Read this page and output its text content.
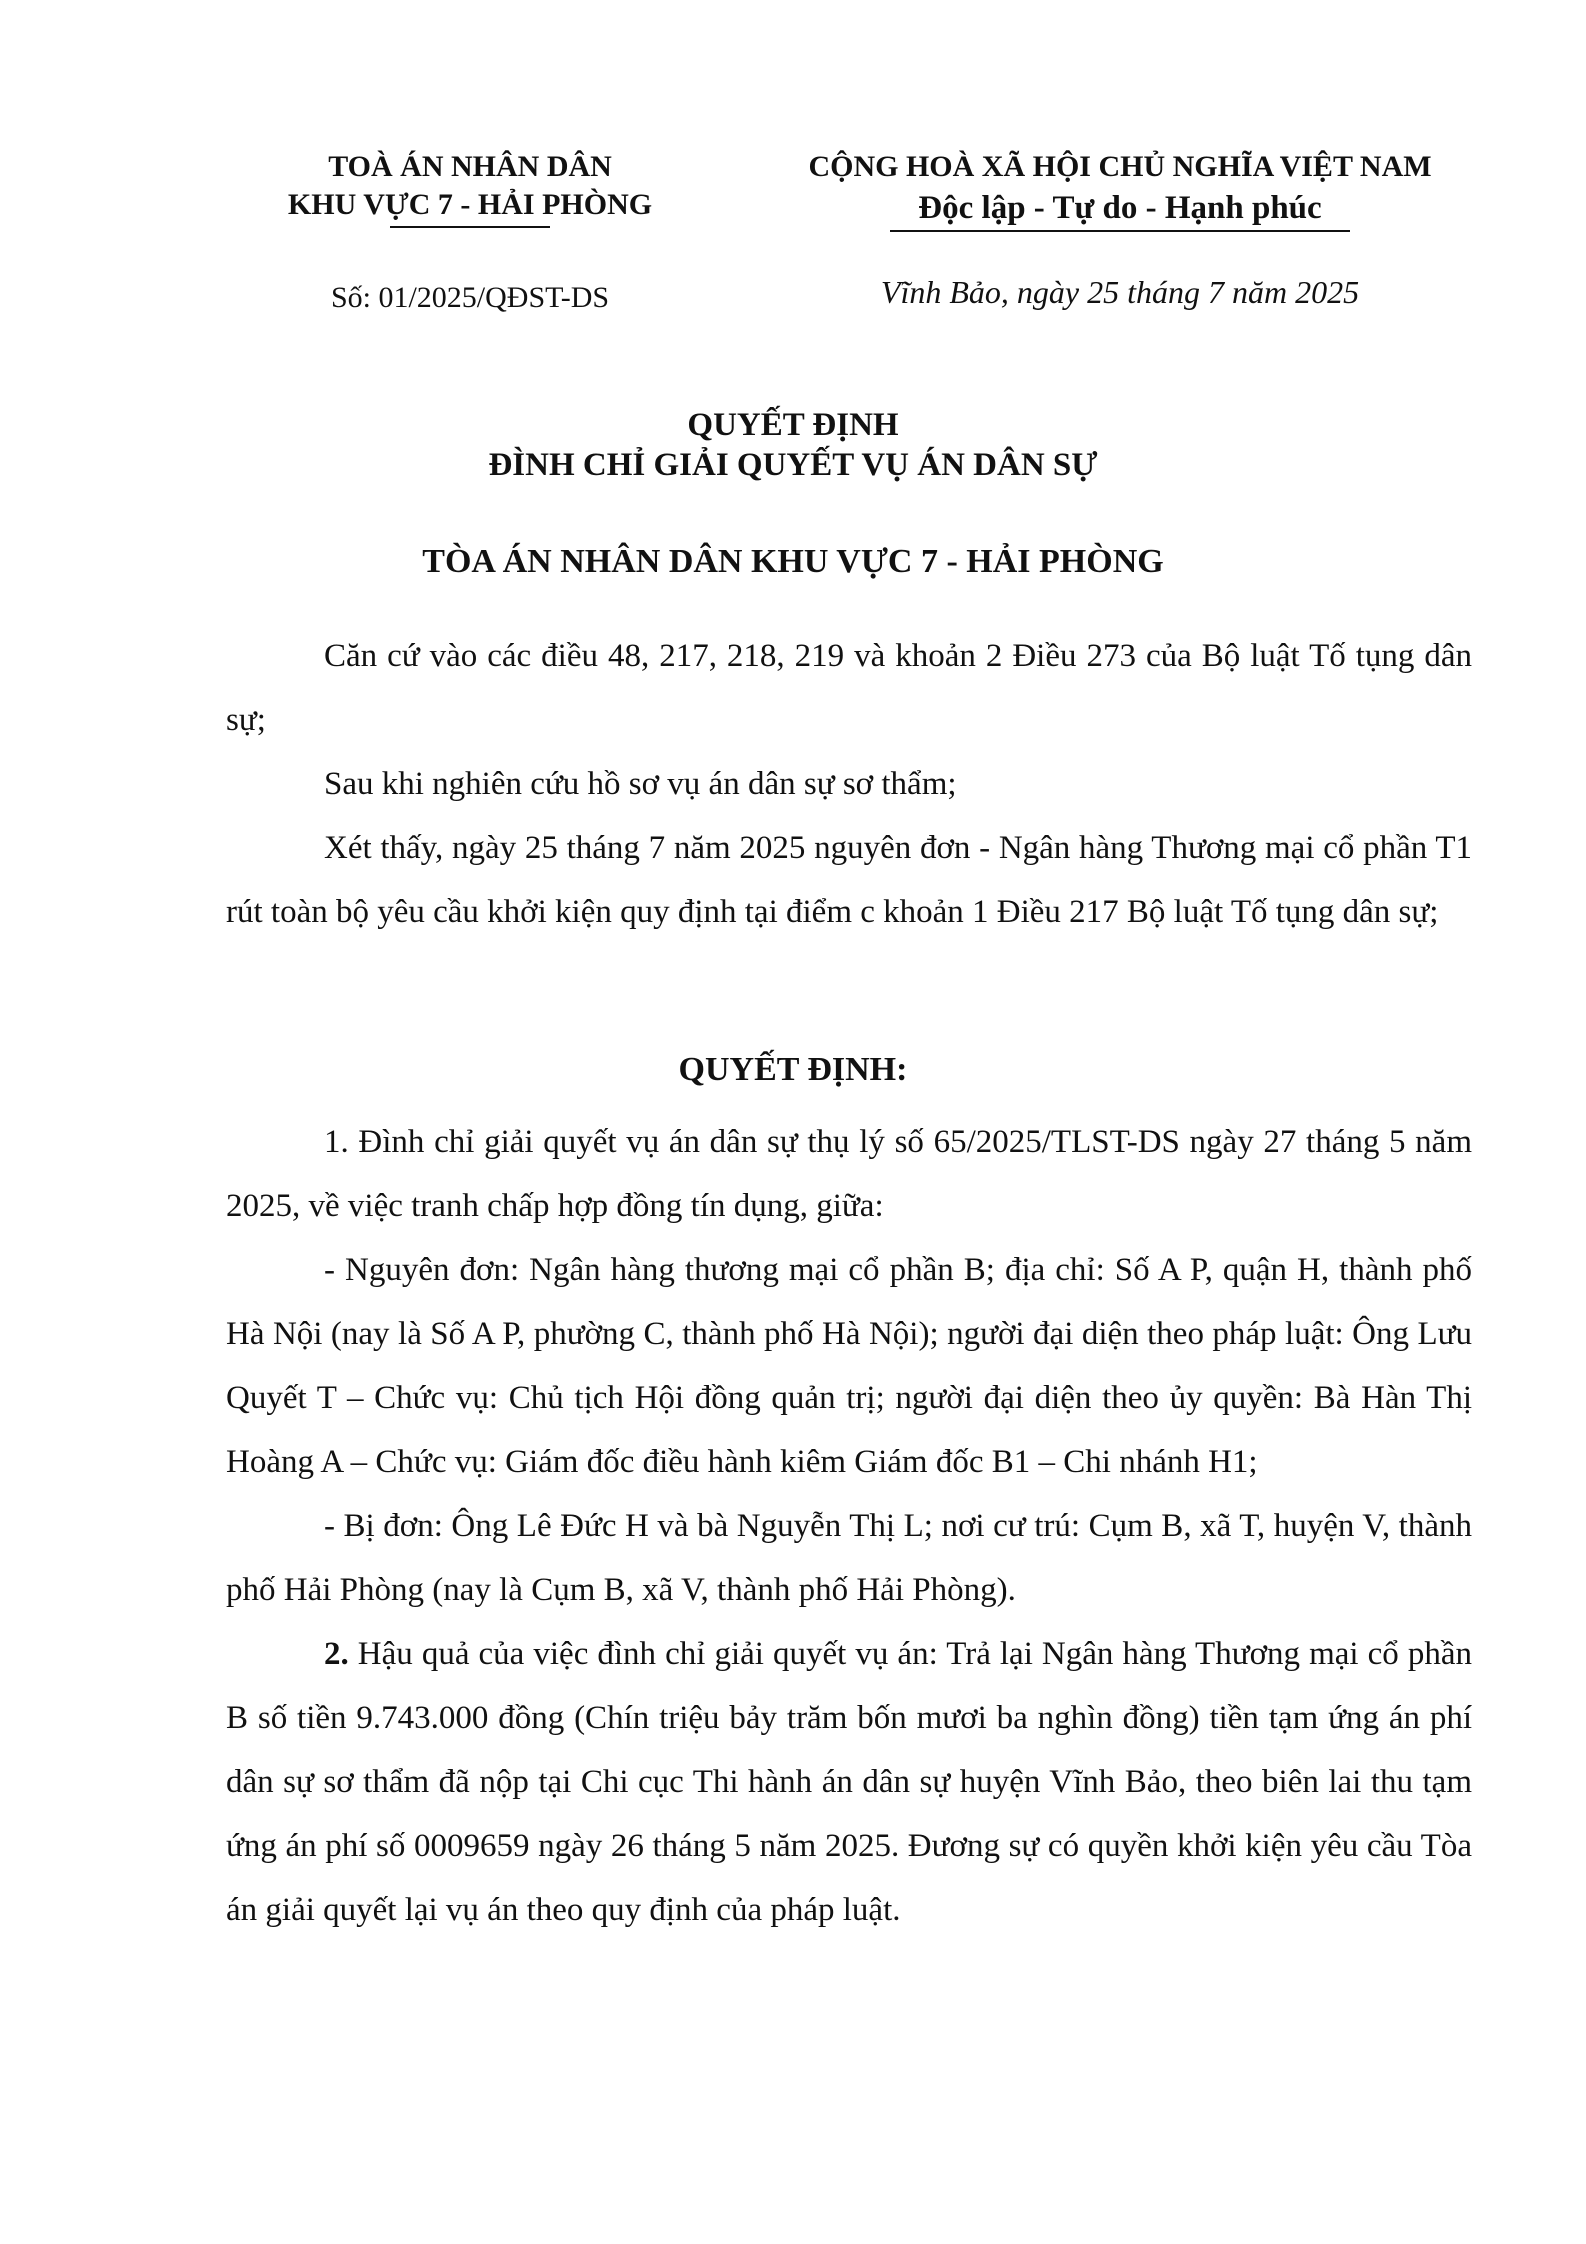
TOÀ ÁN NHÂN DÂN
KHU VỰC 7 - HẢI PHÒNG
CỘNG HOÀ XÃ HỘI CHỦ NGHĨA VIỆT NAM
Độc lập - Tự do - Hạnh phúc
Số: 01/2025/QĐST-DS	Vĩnh Bảo, ngày 25 tháng 7 năm 2025
QUYẾT ĐỊNH
ĐÌNH CHỈ GIẢI QUYẾT VỤ ÁN DÂN SỰ
TÒA ÁN NHÂN DÂN KHU VỰC 7 - HẢI PHÒNG

Căn cứ vào các điều 48, 217, 218, 219 và khoản 2 Điều 273 của Bộ luật Tố tụng dân sự;

Sau khi nghiên cứu hồ sơ vụ án dân sự sơ thẩm;

Xét thấy, ngày 25 tháng 7 năm 2025 nguyên đơn - Ngân hàng Thương mại cổ phần T1 rút toàn bộ yêu cầu khởi kiện quy định tại điểm c khoản 1 Điều 217 Bộ luật Tố tụng dân sự;

QUYẾT ĐỊNH:

1. Đình chỉ giải quyết vụ án dân sự thụ lý số 65/2025/TLST-DS ngày 27 tháng 5 năm 2025, về việc tranh chấp hợp đồng tín dụng, giữa:

- Nguyên đơn: Ngân hàng thương mại cổ phần B; địa chỉ: Số A P, quận H, thành phố Hà Nội (nay là Số A P, phường C, thành phố Hà Nội); người đại diện theo pháp luật: Ông Lưu Quyết T – Chức vụ: Chủ tịch Hội đồng quản trị; người đại diện theo ủy quyền: Bà Hàn Thị Hoàng A – Chức vụ: Giám đốc điều hành kiêm Giám đốc B1 – Chi nhánh H1;

- Bị đơn: Ông Lê Đức H và bà Nguyễn Thị L; nơi cư trú: Cụm B, xã T, huyện V, thành phố Hải Phòng (nay là Cụm B, xã V, thành phố Hải Phòng).

2. Hậu quả của việc đình chỉ giải quyết vụ án: Trả lại Ngân hàng Thương mại cổ phần B số tiền 9.743.000 đồng (Chín triệu bảy trăm bốn mươi ba nghìn đồng) tiền tạm ứng án phí dân sự sơ thẩm đã nộp tại Chi cục Thi hành án dân sự huyện Vĩnh Bảo, theo biên lai thu tạm ứng án phí số 0009659 ngày 26 tháng 5 năm 2025. Đương sự có quyền khởi kiện yêu cầu Tòa án giải quyết lại vụ án theo quy định của pháp luật.
